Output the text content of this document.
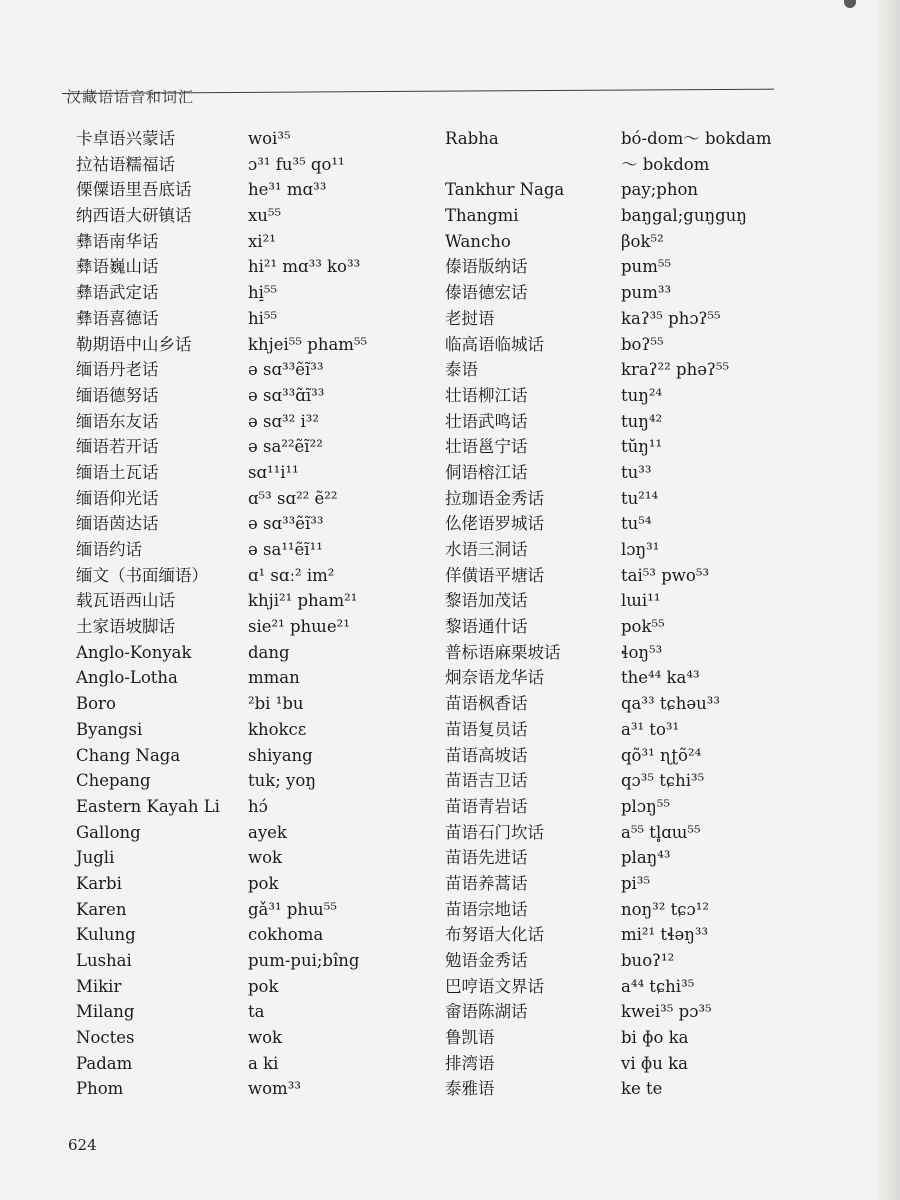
汉藏语语音和词汇
卡卓语兴蒙话
拉祜语糯福话
傈僳语里吾底话
纳西语大研镇话
彝语南华话
彝语巍山话
彝语武定话
彝语喜德话
勒期语中山乡话
缅语丹老话
缅语德努话
缅语东友话
缅语若开话
缅语土瓦话
缅语仰光话
缅语茵达话
缅语约话
缅文（书面缅语）
载瓦语西山话
土家语坡脚话
Anglo-Konyak
Anglo-Lotha
Boro
Byangsi
Chang Naga
Chepang
Eastern Kayah Li
Gallong
Jugli
Karbi
Karen
Kulung
Lushai
Mikir
Milang
Noctes
Padam
Phom
woi³⁵
ɔ³¹ fu³⁵ qo¹¹
he³¹ mɑ³³
xu⁵⁵
xi²¹
hi²¹ mɑ³³ ko³³
hi̠⁵⁵
hi⁵⁵
khjei⁵⁵ pham⁵⁵
ə sɑ³³ẽĩ³³
ə sɑ³³ɑ̃ĩ³³
ə sɑ³² i³²
ə sa²²ẽĩ²²
sɑ¹¹i¹¹
ɑ⁵³ sɑ²² ẽ²²
ə sɑ³³ẽĩ³³
ə sa¹¹ẽĩ¹¹
ɑ¹ sɑː² im²
khji²¹ pham²¹
sie²¹ phɯe²¹
dang
mman
²bi ¹bu
khokcɛ
shiyang
tuk; yoŋ
hɔ́
ayek
wok
pok
gǎ³¹ phɯ⁵⁵
cokhoma
pum-pui;bîng
pok
ta
wok
a ki
wom³³
Rabha
Tankhur Naga
Thangmi
Wancho
傣语版纳话
傣语德宏话
老挝语
临高语临城话
泰语
壮语柳江话
壮语武鸣话
壮语邕宁话
侗语榕江话
拉珈语金秀话
仫佬语罗城话
水语三洞话
佯僙语平塘话
黎语加茂话
黎语通什话
普标语麻栗坡话
炯奈语龙华话
苗语枫香话
苗语复员话
苗语高坡话
苗语吉卫话
苗语青岩话
苗语石门坎话
苗语先进话
苗语养蒿话
苗语宗地话
布努语大化话
勉语金秀话
巴哼语文界话
畲语陈湖话
鲁凯语
排湾语
泰雅语
bó-dom～ bokdam～ bokdom
pay;phon
baŋgal;guŋguŋ
βok⁵²
pum⁵⁵
pum³³
kaʔ³⁵ phɔʔ⁵⁵
boʔ⁵⁵
kraʔ²² phəʔ⁵⁵
tuŋ²⁴
tuŋ⁴²
tŭŋ¹¹
tu³³
tu²¹⁴
tu⁵⁴
lɔŋ³¹
tai⁵³ pwo⁵³
lɯi¹¹
pok⁵⁵
ɬoŋ⁵³
the⁴⁴ ka⁴³
qa³³ tɕhəu³³
a³¹ to³¹
qõ³¹ ɳʈõ²⁴
qɔ³⁵ tɕhi³⁵
plɔŋ⁵⁵
a⁵⁵ tl̥ɑɯ⁵⁵
plaŋ⁴³
pi³⁵
noŋ³² tɕɔ¹²
mi²¹ tɬəŋ³³
buoʔ¹²
a⁴⁴ tɕhi³⁵
kwei³⁵ pɔ³⁵
bi ɸo ka
vi ɸu ka
ke te
624
